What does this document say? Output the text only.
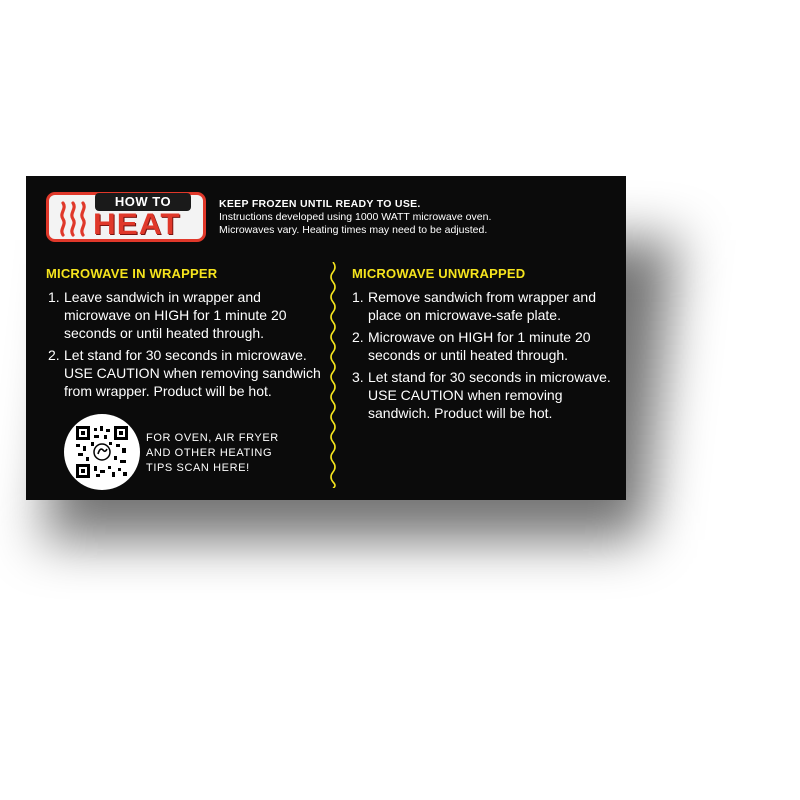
HOW TO
HEAT
KEEP FROZEN UNTIL READY TO USE.
Instructions developed using 1000 WATT microwave oven.
Microwaves vary. Heating times may need to be adjusted.
MICROWAVE IN WRAPPER
1. Leave sandwich in wrapper and microwave on HIGH for 1 minute 20 seconds or until heated through.
2. Let stand for 30 seconds in microwave. USE CAUTION when removing sandwich from wrapper. Product will be hot.
MICROWAVE UNWRAPPED
1. Remove sandwich from wrapper and place on microwave-safe plate.
2. Microwave on HIGH for 1 minute 20 seconds or until heated through.
3. Let stand for 30 seconds in microwave. USE CAUTION when removing sandwich. Product will be hot.
FOR OVEN, AIR FRYER AND OTHER HEATING TIPS SCAN HERE!
